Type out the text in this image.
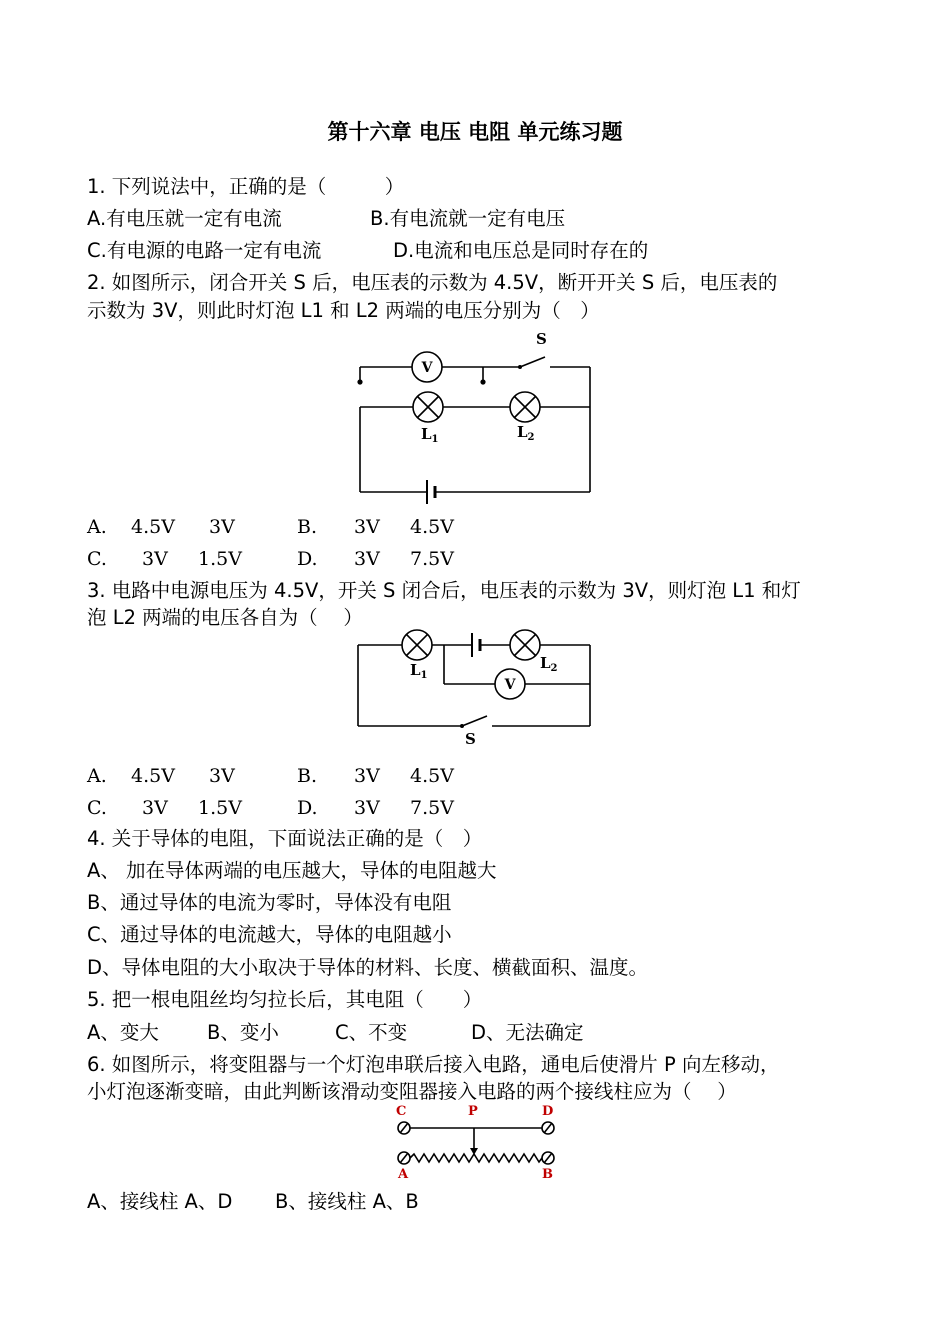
第十六章 电压 电阻 单元练习题
1. 下列说法中，正确的是（　　　）
A.有电压就一定有电流	B.有电流就一定有电压
C.有电源的电路一定有电流	D.电流和电压总是同时存在的
2. 如图所示，闭合开关 S 后，电压表的示数为 4.5V，断开开关 S 后，电压表的
示数为 3V，则此时灯泡 L1 和 L2 两端的电压分别为（　）
S
V
$L_1$	$L_2$
A. 4.5V 3V	B. 3V 4.5V
C. 3V 1.5V	D. 3V 7.5V
3. 电路中电源电压为 4.5V，开关 S 闭合后，电压表的示数为 3V，则灯泡 L1 和灯
泡 L2 两端的电压各自为（　 ）
V
$L_1$
$L_2$
S
A. 4.5V 3V	B. 3V 4.5V
C. 3V 1.5V	D. 3V 7.5V
4. 关于导体的电阻，下面说法正确的是（　）
A、 加在导体两端的电压越大，导体的电阻越大
B、通过导体的电流为零时，导体没有电阻
C、通过导体的电流越大，导体的电阻越小
D、导体电阻的大小取决于导体的材料、长度、横截面积、温度。
5. 把一根电阻丝均匀拉长后，其电阻（　　）
A、变大 B、变小	C、不变	D、无法确定
6. 如图所示，将变阻器与一个灯泡串联后接入电路，通电后使滑片 P 向左移动，
小灯泡逐渐变暗，由此判断该滑动变阻器接入电路的两个接线柱应为（　 ）
C	P	D
A	B
A、接线柱 A、D B、接线柱 A、B
